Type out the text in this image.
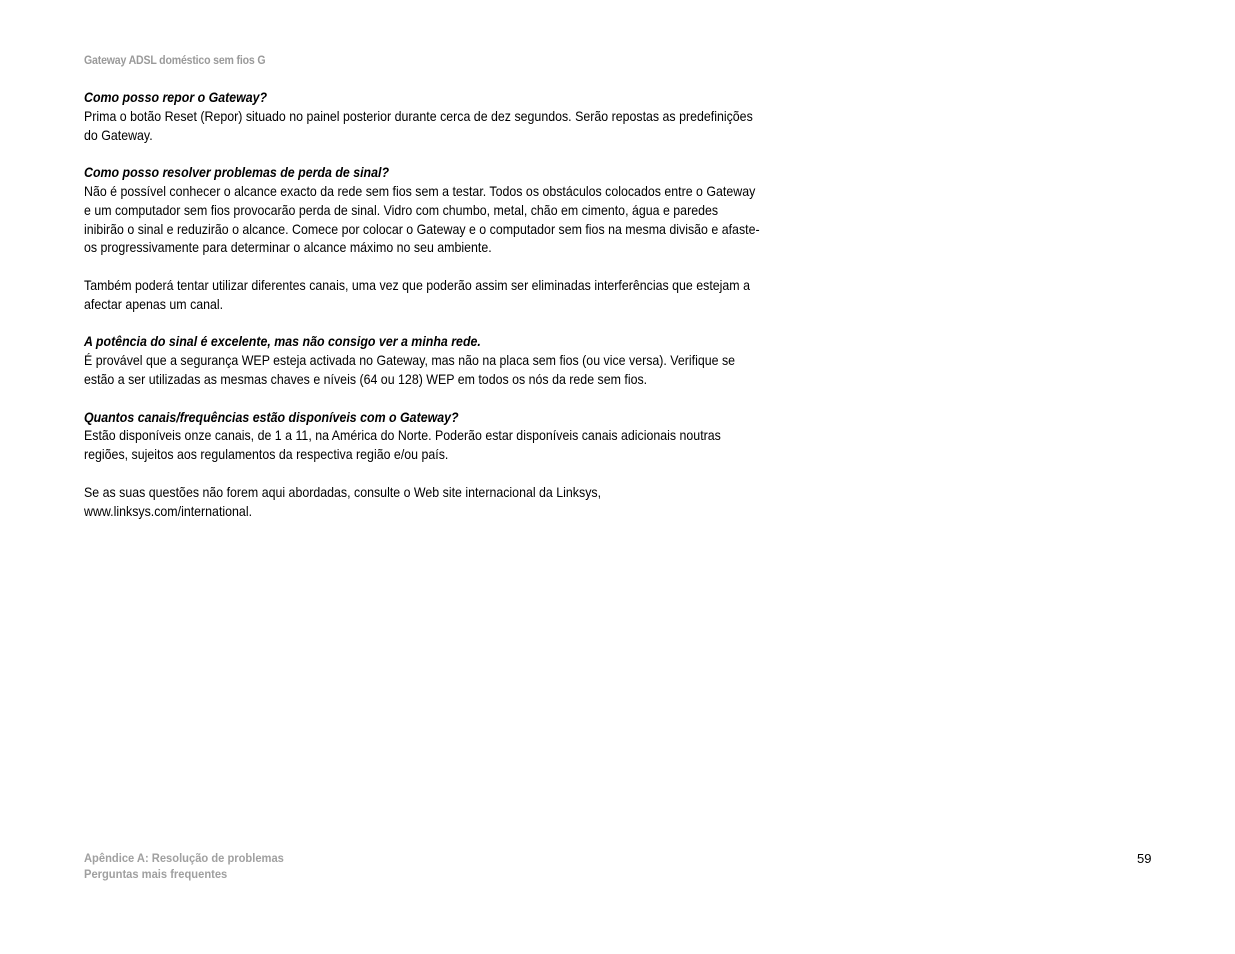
Gateway ADSL doméstico sem fios G
Como posso repor o Gateway?
Prima o botão Reset (Repor) situado no painel posterior durante cerca de dez segundos. Serão repostas as predefinições do Gateway.
Como posso resolver problemas de perda de sinal?
Não é possível conhecer o alcance exacto da rede sem fios sem a testar. Todos os obstáculos colocados entre o Gateway e um computador sem fios provocarão perda de sinal. Vidro com chumbo, metal, chão em cimento, água e paredes inibirão o sinal e reduzirão o alcance. Comece por colocar o Gateway e o computador sem fios na mesma divisão e afaste-os progressivamente para determinar o alcance máximo no seu ambiente.
Também poderá tentar utilizar diferentes canais, uma vez que poderão assim ser eliminadas interferências que estejam a afectar apenas um canal.
A potência do sinal é excelente, mas não consigo ver a minha rede.
É provável que a segurança WEP esteja activada no Gateway, mas não na placa sem fios (ou vice versa). Verifique se estão a ser utilizadas as mesmas chaves e níveis (64 ou 128) WEP em todos os nós da rede sem fios.
Quantos canais/frequências estão disponíveis com o Gateway?
Estão disponíveis onze canais, de 1 a 11, na América do Norte. Poderão estar disponíveis canais adicionais noutras regiões, sujeitos aos regulamentos da respectiva região e/ou país.
Se as suas questões não forem aqui abordadas, consulte o Web site internacional da Linksys, www.linksys.com/international.
Apêndice A: Resolução de problemas
Perguntas mais frequentes
59
